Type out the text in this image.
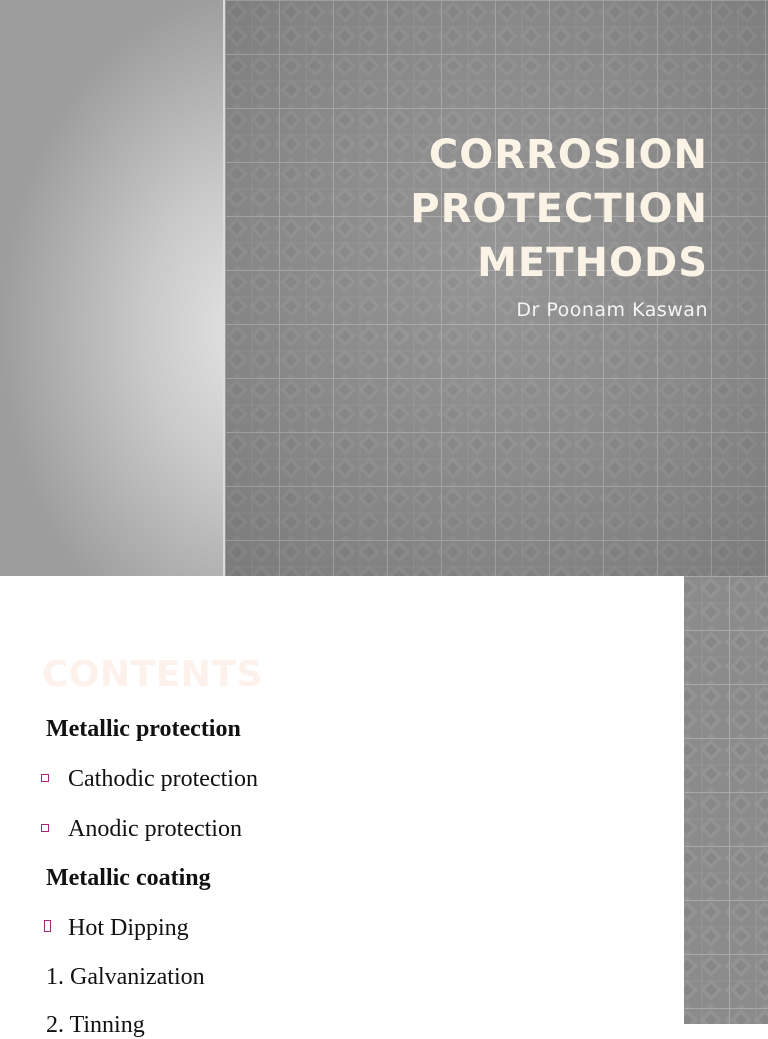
CORROSION
PROTECTION
METHODS

Dr Poonam Kaswan

CONTENTS
Metallic protection
Cathodic protection
Anodic protection
Metallic coating
Hot Dipping
1. Galvanization
2. Tinning
